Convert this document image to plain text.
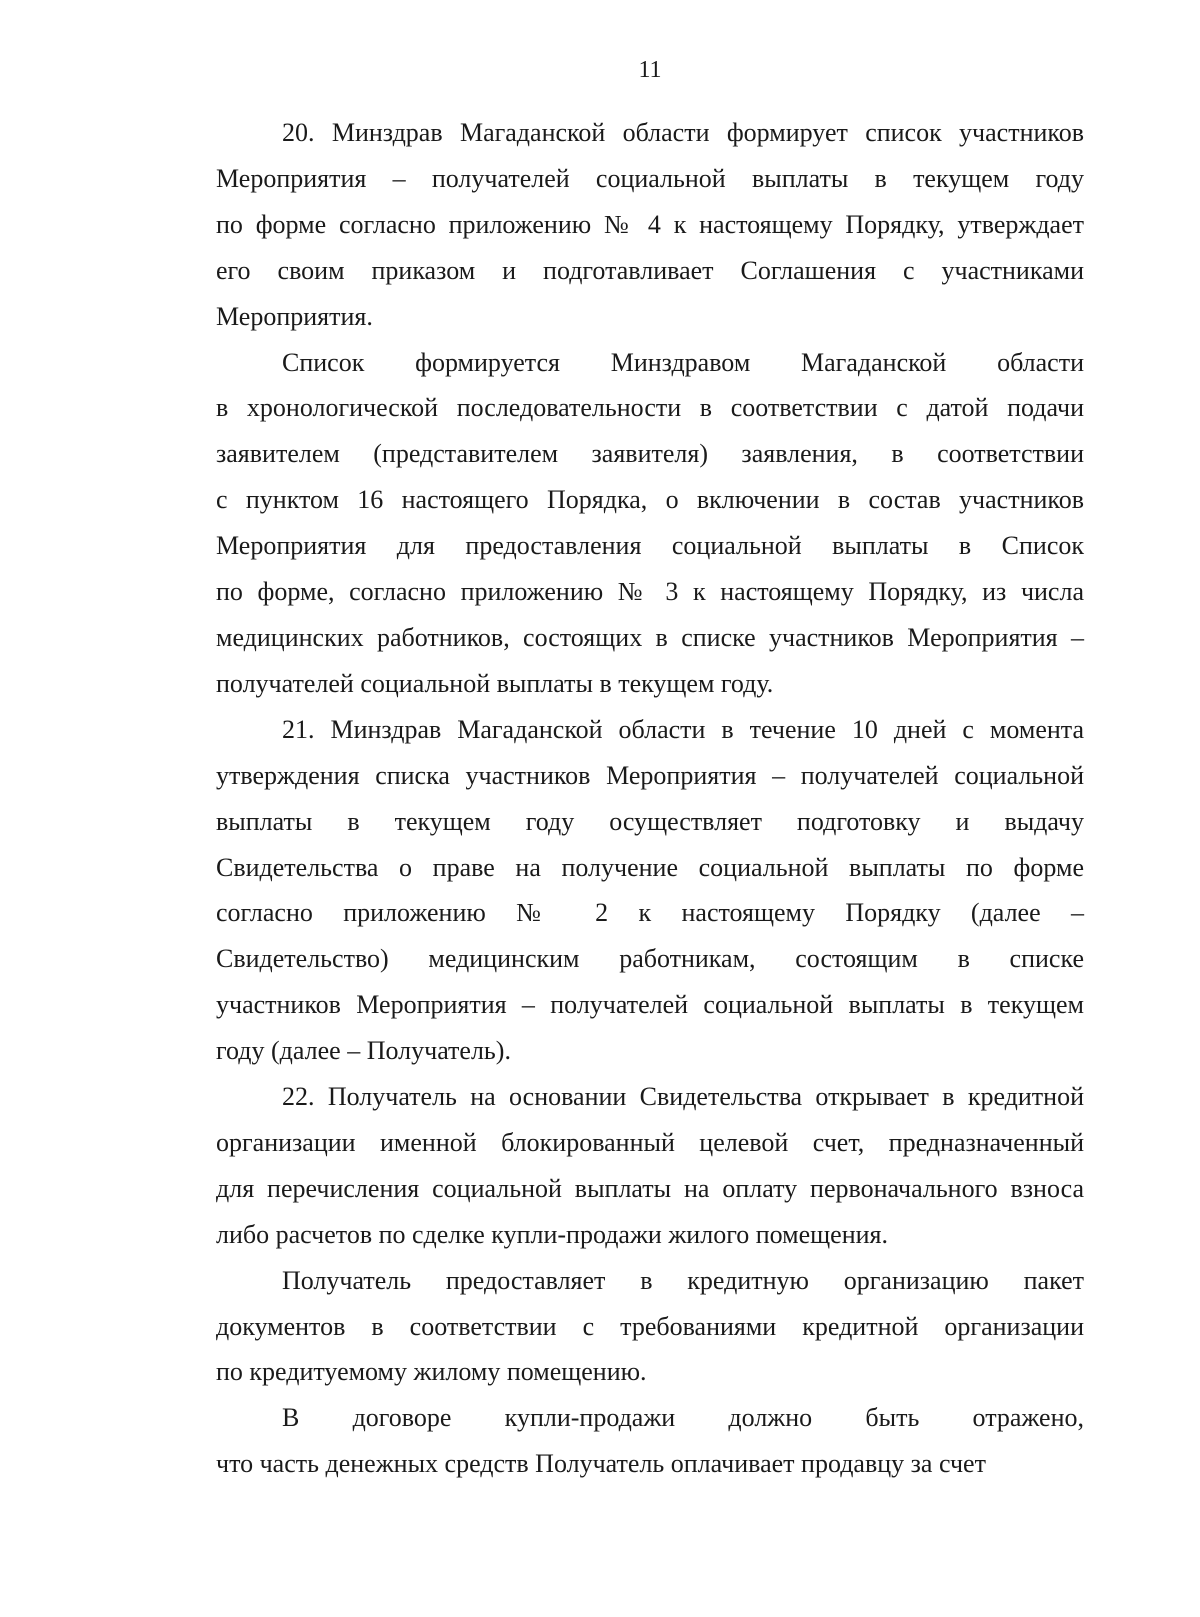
11

20. Минздрав Магаданской области формирует список участников
Мероприятия – получателей социальной выплаты в текущем году
по форме согласно приложению № 4 к настоящему Порядку, утверждает
его своим приказом и подготавливает Соглашения с участниками
Мероприятия.

Список формируется Минздравом Магаданской области
в хронологической последовательности в соответствии с датой подачи
заявителем (представителем заявителя) заявления, в соответствии
с пунктом 16 настоящего Порядка, о включении в состав участников
Мероприятия для предоставления социальной выплаты в Список
по форме, согласно приложению № 3 к настоящему Порядку, из числа
медицинских работников, состоящих в списке участников Мероприятия –
получателей социальной выплаты в текущем году.

21. Минздрав Магаданской области в течение 10 дней с момента
утверждения списка участников Мероприятия – получателей социальной
выплаты в текущем году осуществляет подготовку и выдачу
Свидетельства о праве на получение социальной выплаты по форме
согласно приложению № 2 к настоящему Порядку (далее –
Свидетельство) медицинским работникам, состоящим в списке
участников Мероприятия – получателей социальной выплаты в текущем
году (далее – Получатель).

22. Получатель на основании Свидетельства открывает в кредитной
организации именной блокированный целевой счет, предназначенный
для перечисления социальной выплаты на оплату первоначального взноса
либо расчетов по сделке купли-продажи жилого помещения.

Получатель предоставляет в кредитную организацию пакет
документов в соответствии с требованиями кредитной организации
по кредитуемому жилому помещению.

В договоре купли-продажи должно быть отражено,
что часть денежных средств Получатель оплачивает продавцу за счет
